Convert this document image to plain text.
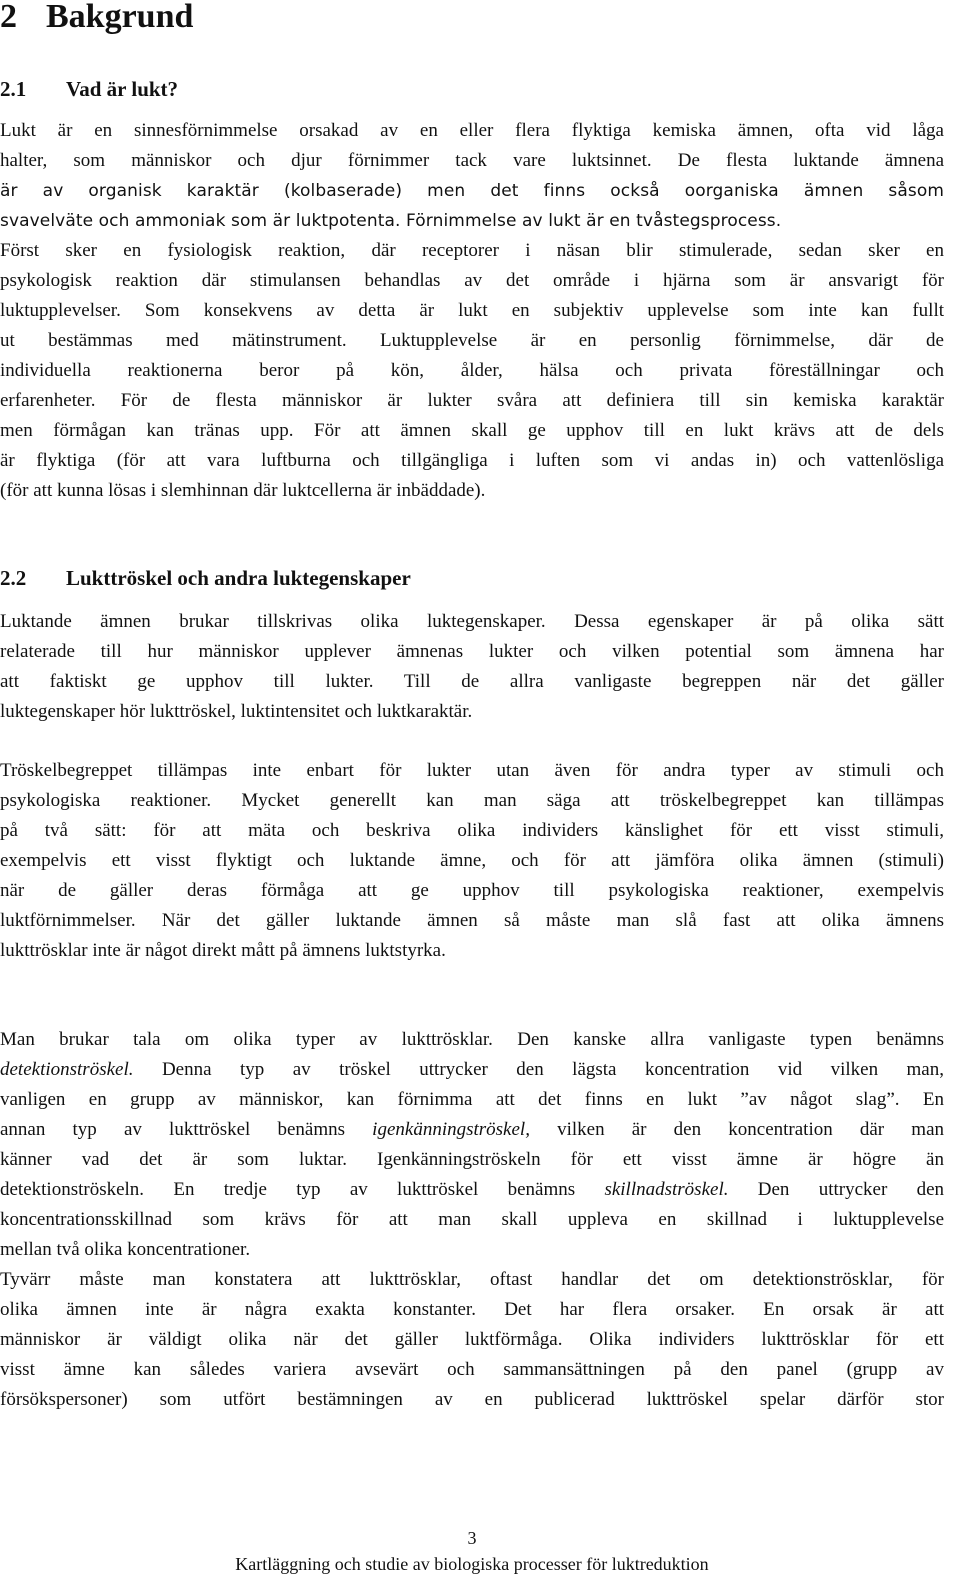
2 Bakgrund
2.1 Vad är lukt?
Lukt är en sinnesförnimmelse orsakad av en eller flera flyktiga kemiska ämnen, ofta vid låga
halter, som människor och djur förnimmer tack vare luktsinnet. De flesta luktande ämnena
är av organisk karaktär (kolbaserade) men det finns också oorganiska ämnen såsom
svavelväte och ammoniak som är luktpotenta. Förnimmelse av lukt är en tvåstegsprocess.
Först sker en fysiologisk reaktion, där receptorer i näsan blir stimulerade, sedan sker en
psykologisk reaktion där stimulansen behandlas av det område i hjärna som är ansvarigt för
luktupplevelser. Som konsekvens av detta är lukt en subjektiv upplevelse som inte kan fullt
ut bestämmas med mätinstrument. Luktupplevelse är en personlig förnimmelse, där de
individuella reaktionerna beror på kön, ålder, hälsa och privata föreställningar och
erfarenheter. För de flesta människor är lukter svåra att definiera till sin kemiska karaktär
men förmågan kan tränas upp. För att ämnen skall ge upphov till en lukt krävs att de dels
är flyktiga (för att vara luftburna och tillgängliga i luften som vi andas in) och vattenlösliga
(för att kunna lösas i slemhinnan där luktcellerna är inbäddade).
2.2 Lukttröskel och andra luktegenskaper
Luktande ämnen brukar tillskrivas olika luktegenskaper. Dessa egenskaper är på olika sätt
relaterade till hur människor upplever ämnenas lukter och vilken potential som ämnena har
att faktiskt ge upphov till lukter. Till de allra vanligaste begreppen när det gäller
luktegenskaper hör lukttröskel, luktintensitet och luktkaraktär.
Tröskelbegreppet tillämpas inte enbart för lukter utan även för andra typer av stimuli och
psykologiska reaktioner. Mycket generellt kan man säga att tröskelbegreppet kan tillämpas
på två sätt: för att mäta och beskriva olika individers känslighet för ett visst stimuli,
exempelvis ett visst flyktigt och luktande ämne, och för att jämföra olika ämnen (stimuli)
när de gäller deras förmåga att ge upphov till psykologiska reaktioner, exempelvis
luktförnimmelser. När det gäller luktande ämnen så måste man slå fast att olika ämnens
lukttrösklar inte är något direkt mått på ämnens luktstyrka.
Man brukar tala om olika typer av lukttrösklar. Den kanske allra vanligaste typen benämns
detektionströskel. Denna typ av tröskel uttrycker den lägsta koncentration vid vilken man,
vanligen en grupp av människor, kan förnimma att det finns en lukt ”av något slag”. En
annan typ av lukttröskel benämns igenkänningströskel, vilken är den koncentration där man
känner vad det är som luktar. Igenkänningströskeln för ett visst ämne är högre än
detektionströskeln. En tredje typ av lukttröskel benämns skillnadströskel. Den uttrycker den
koncentrationsskillnad som krävs för att man skall uppleva en skillnad i luktupplevelse
mellan två olika koncentrationer.
Tyvärr måste man konstatera att lukttrösklar, oftast handlar det om detektionströsklar, för
olika ämnen inte är några exakta konstanter. Det har flera orsaker. En orsak är att
människor är väldigt olika när det gäller luktförmåga. Olika individers lukttrösklar för ett
visst ämne kan således variera avsevärt och sammansättningen på den panel (grupp av
försökspersoner) som utfört bestämningen av en publicerad lukttröskel spelar därför stor
3
Kartläggning och studie av biologiska processer för luktreduktion
